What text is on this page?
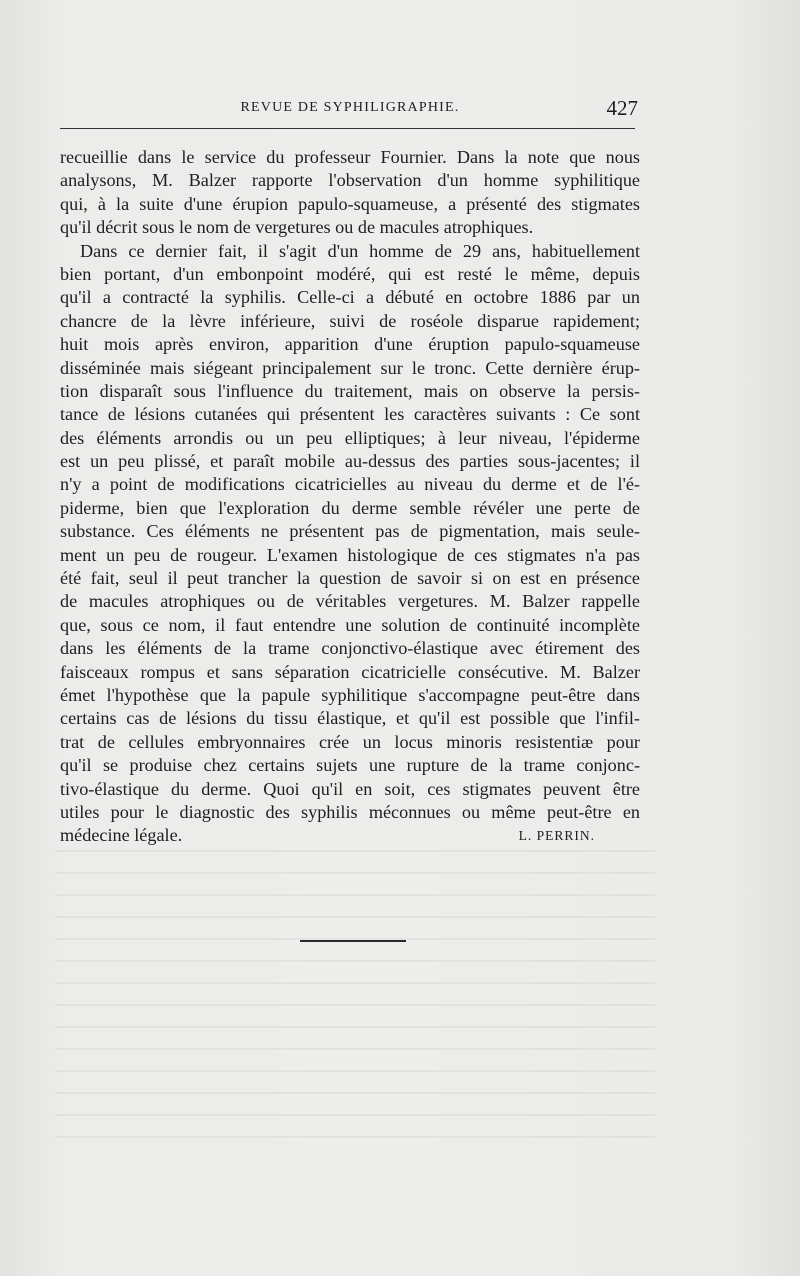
REVUE DE SYPHILIGRAPHIE.	427
recueillie dans le service du professeur Fournier. Dans la note que nous
analysons, M. Balzer rapporte l'observation d'un homme syphilitique
qui, à la suite d'une érupion papulo-squameuse, a présenté des stigmates
qu'il décrit sous le nom de vergetures ou de macules atrophiques.
Dans ce dernier fait, il s'agit d'un homme de 29 ans, habituellement
bien portant, d'un embonpoint modéré, qui est resté le même, depuis
qu'il a contracté la syphilis. Celle-ci a débuté en octobre 1886 par un
chancre de la lèvre inférieure, suivi de roséole disparue rapidement;
huit mois après environ, apparition d'une éruption papulo-squameuse
disséminée mais siégeant principalement sur le tronc. Cette dernière érup-
tion disparaît sous l'influence du traitement, mais on observe la persis-
tance de lésions cutanées qui présentent les caractères suivants : Ce sont
des éléments arrondis ou un peu elliptiques; à leur niveau, l'épiderme
est un peu plissé, et paraît mobile au-dessus des parties sous-jacentes; il
n'y a point de modifications cicatricielles au niveau du derme et de l'é-
piderme, bien que l'exploration du derme semble révéler une perte de
substance. Ces éléments ne présentent pas de pigmentation, mais seule-
ment un peu de rougeur. L'examen histologique de ces stigmates n'a pas
été fait, seul il peut trancher la question de savoir si on est en présence
de macules atrophiques ou de véritables vergetures. M. Balzer rappelle
que, sous ce nom, il faut entendre une solution de continuité incomplète
dans les éléments de la trame conjonctivo-élastique avec étirement des
faisceaux rompus et sans séparation cicatricielle consécutive. M. Balzer
émet l'hypothèse que la papule syphilitique s'accompagne peut-être dans
certains cas de lésions du tissu élastique, et qu'il est possible que l'infil-
trat de cellules embryonnaires crée un locus minoris resistentiæ pour
qu'il se produise chez certains sujets une rupture de la trame conjonc-
tivo-élastique du derme. Quoi qu'il en soit, ces stigmates peuvent être
utiles pour le diagnostic des syphilis méconnues ou même peut-être en
médecine légale.	L. PERRIN.
